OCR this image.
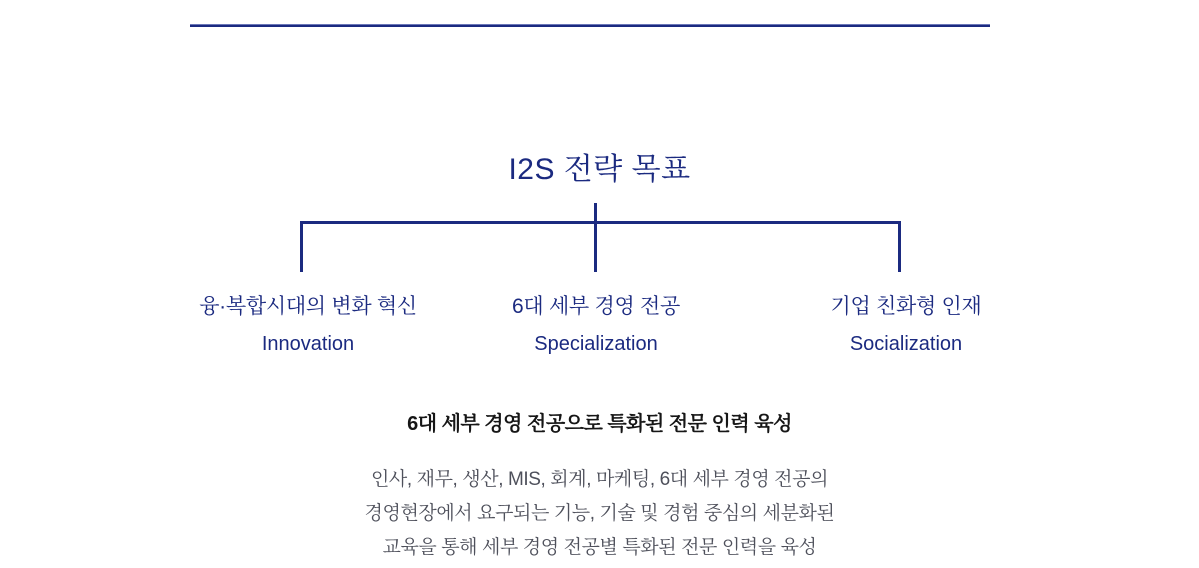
I2S 전략 목표
융·복합시대의 변화 혁신
Innovation
6대 세부 경영 전공
Specialization
기업 친화형 인재
Socialization
6대 세부 경영 전공으로 특화된 전문 인력 육성
인사, 재무, 생산, MIS, 회계, 마케팅, 6대 세부 경영 전공의
경영현장에서 요구되는 기능, 기술 및 경험 중심의 세분화된
교육을 통해 세부 경영 전공별 특화된 전문 인력을 육성
